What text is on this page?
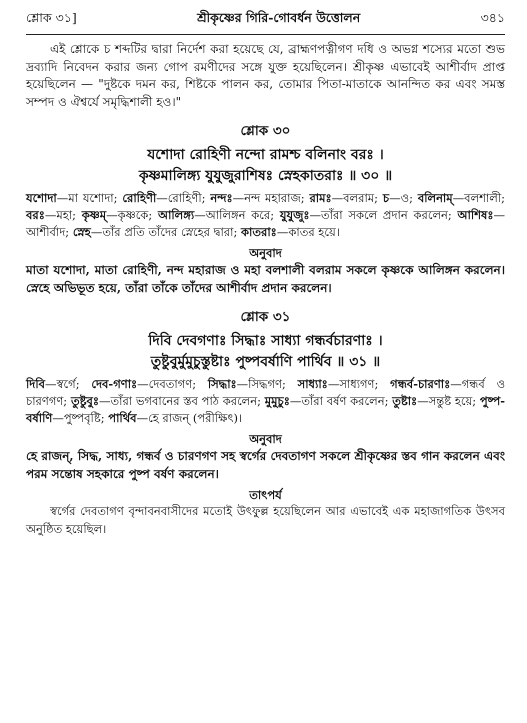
শ্লোক ৩১]	শ্রীকৃষ্ণের গিরি-গোবর্ধন উত্তোলন	৩৪১

এই শ্লোকে চ শব্দটির দ্বারা নির্দেশ করা হয়েছে যে, ব্রাহ্মণপত্নীগণ দধি ও অভগ্ন শস্যের মতো শুভ দ্রব্যাদি নিবেদন করার জন্য গোপ রমণীদের সঙ্গে যুক্ত হয়েছিলেন। শ্রীকৃষ্ণ এভাবেই আশীর্বাদ প্রাপ্ত হয়েছিলেন — "দুষ্টকে দমন কর, শিষ্টকে পালন কর, তোমার পিতা-মাতাকে আনন্দিত কর এবং সমস্ত সম্পদ ও ঐশ্বর্যে সমৃদ্ধিশালী হও।"

শ্লোক ৩০
যশোদা রোহিণী নন্দো রামশ্চ বলিনাং বরঃ ।
কৃষ্ণমালিঙ্গ্য যুযুজুরাশিষঃ স্নেহকাতরাঃ ॥ ৩০ ॥

যশোদা—মা যশোদা; রোহিণী—রোহিণী; নন্দঃ—নন্দ মহারাজ; রামঃ—বলরাম; চ—ও; বলিনাম্—বলশালী; বরঃ—মহা; কৃষ্ণম্—কৃষ্ণকে; আলিঙ্গ্য—আলিঙ্গন করে; যুযুজুঃ—তাঁরা সকলে প্রদান করলেন; আশিষঃ—আশীর্বাদ; স্নেহ—তাঁর প্রতি তাঁদের স্নেহের দ্বারা; কাতরাঃ—কাতর হয়ে।

অনুবাদ

মাতা যশোদা, মাতা রোহিণী, নন্দ মহারাজ ও মহা বলশালী বলরাম সকলে কৃষ্ণকে আলিঙ্গন করলেন। স্নেহে অভিভূত হয়ে, তাঁরা তাঁকে তাঁদের আশীর্বাদ প্রদান করলেন।

শ্লোক ৩১
দিবি দেবগণাঃ সিদ্ধাঃ সাধ্যা গন্ধর্বচারণাঃ ।
তুষ্টুবুর্মুমুচুস্তুষ্টাঃ পুষ্পবর্ষাণি পার্থিব ॥ ৩১ ॥

দিবি—স্বর্গে; দেব-গণাঃ—দেবতাগণ; সিদ্ধাঃ—সিদ্ধগণ; সাধ্যাঃ—সাধ্যগণ; গন্ধর্ব-চারণাঃ—গন্ধর্ব ও চারণগণ; তুষ্টুবুঃ—তাঁরা ভগবানের স্তব পাঠ করলেন; মুমুচুঃ—তাঁরা বর্ষণ করলেন; তুষ্টাঃ—সন্তুষ্ট হয়ে; পুষ্প-বর্ষাণি—পুষ্পবৃষ্টি; পার্থিব—হে রাজন্ (পরীক্ষিৎ)।

অনুবাদ

হে রাজন্, সিদ্ধ, সাধ্য, গন্ধর্ব ও চারণগণ সহ স্বর্গের দেবতাগণ সকলে শ্রীকৃষ্ণের স্তব গান করলেন এবং পরম সন্তোষ সহকারে পুষ্প বর্ষণ করলেন।

তাৎপর্য

স্বর্গের দেবতাগণ বৃন্দাবনবাসীদের মতোই উৎফুল্ল হয়েছিলেন আর এভাবেই এক মহাজাগতিক উৎসব অনুষ্ঠিত হয়েছিল।
